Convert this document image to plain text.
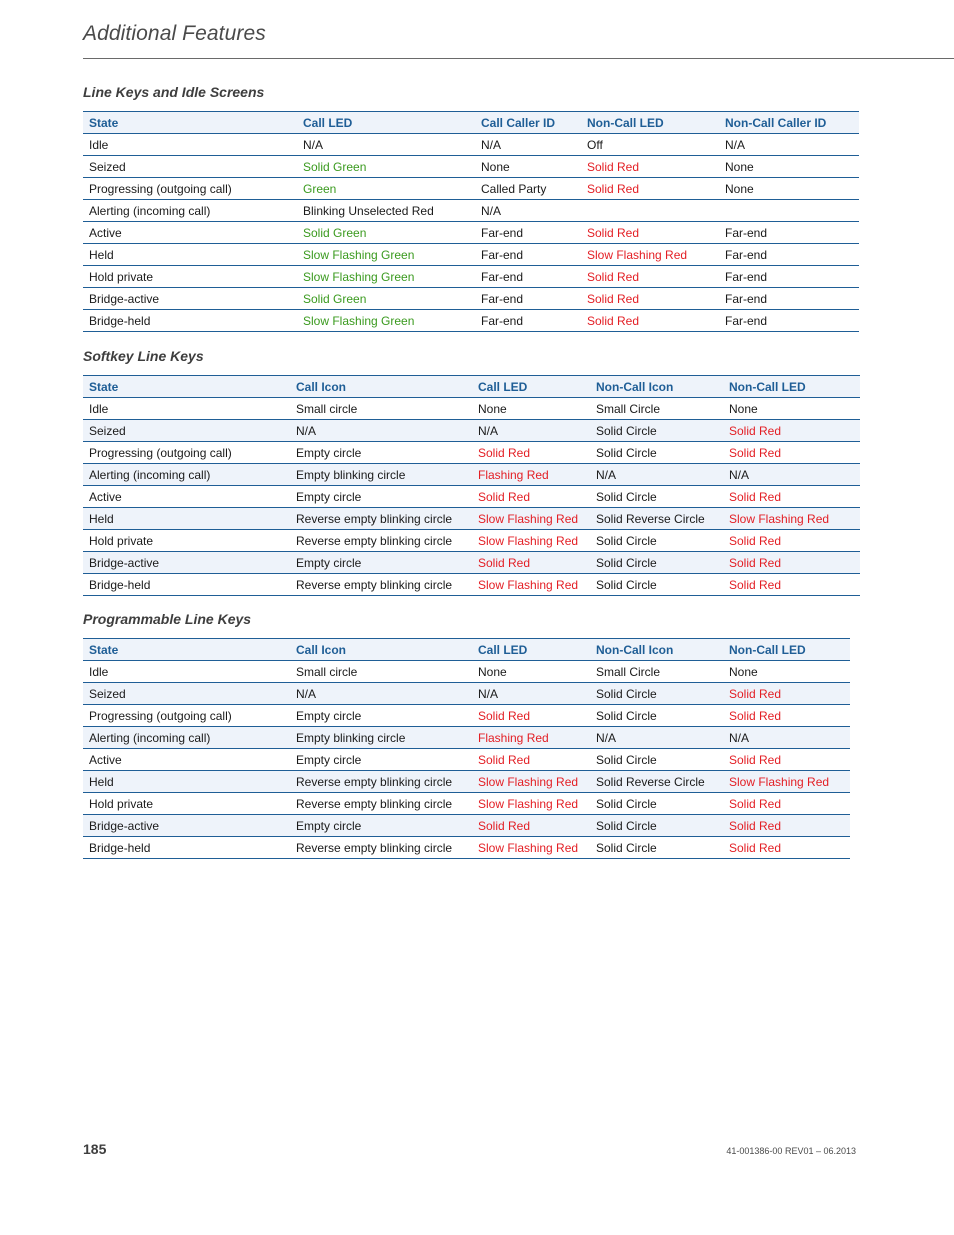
Additional Features
Line Keys and Idle Screens
State	Call LED	Call Caller ID	Non-Call LED	Non-Call Caller ID
Idle	N/A	N/A	Off	N/A
Seized	Solid Green	None	Solid Red	None
Progressing (outgoing call)	Green	Called Party	Solid Red	None
Alerting (incoming call)	Blinking Unselected Red	N/A		
Active	Solid Green	Far-end	Solid Red	Far-end
Held	Slow Flashing Green	Far-end	Slow Flashing Red	Far-end
Hold private	Slow Flashing Green	Far-end	Solid Red	Far-end
Bridge-active	Solid Green	Far-end	Solid Red	Far-end
Bridge-held	Slow Flashing Green	Far-end	Solid Red	Far-end
Softkey Line Keys
State	Call Icon	Call LED	Non-Call Icon	Non-Call LED
Idle	Small circle	None	Small Circle	None
Seized	N/A	N/A	Solid Circle	Solid Red
Progressing (outgoing call)	Empty circle	Solid Red	Solid Circle	Solid Red
Alerting (incoming call)	Empty blinking circle	Flashing Red	N/A	N/A
Active	Empty circle	Solid Red	Solid Circle	Solid Red
Held	Reverse empty blinking circle	Slow Flashing Red	Solid Reverse Circle	Slow Flashing Red
Hold private	Reverse empty blinking circle	Slow Flashing Red	Solid Circle	Solid Red
Bridge-active	Empty circle	Solid Red	Solid Circle	Solid Red
Bridge-held	Reverse empty blinking circle	Slow Flashing Red	Solid Circle	Solid Red
Programmable Line Keys
State	Call Icon	Call LED	Non-Call Icon	Non-Call LED
Idle	Small circle	None	Small Circle	None
Seized	N/A	N/A	Solid Circle	Solid Red
Progressing (outgoing call)	Empty circle	Solid Red	Solid Circle	Solid Red
Alerting (incoming call)	Empty blinking circle	Flashing Red	N/A	N/A
Active	Empty circle	Solid Red	Solid Circle	Solid Red
Held	Reverse empty blinking circle	Slow Flashing Red	Solid Reverse Circle	Slow Flashing Red
Hold private	Reverse empty blinking circle	Slow Flashing Red	Solid Circle	Solid Red
Bridge-active	Empty circle	Solid Red	Solid Circle	Solid Red
Bridge-held	Reverse empty blinking circle	Slow Flashing Red	Solid Circle	Solid Red
185	41-001386-00 REV01 – 06.2013
